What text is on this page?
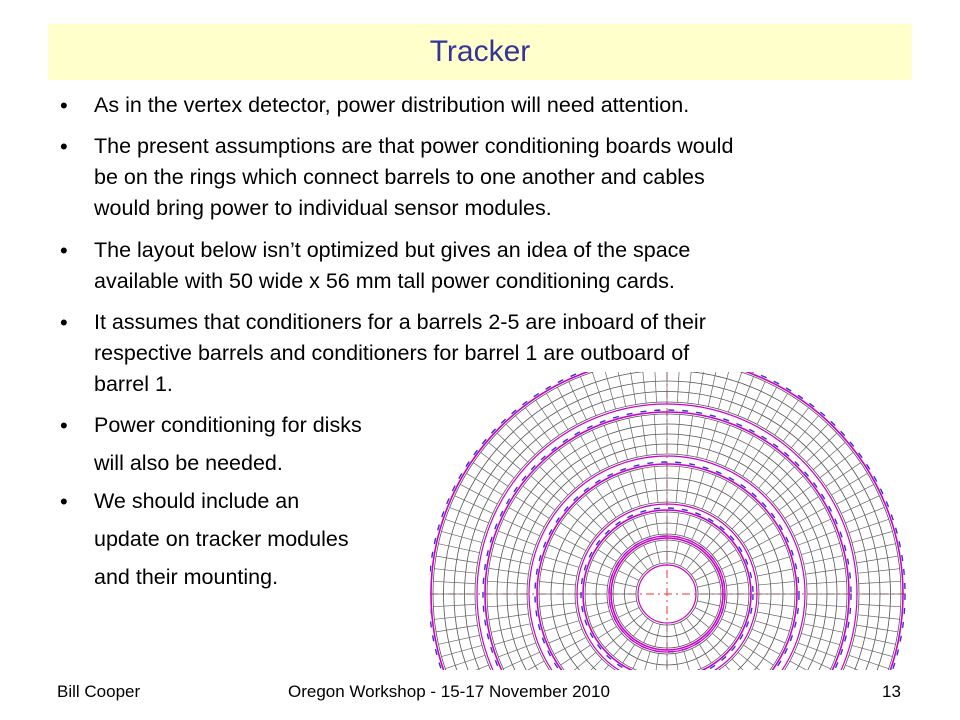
Tracker
• As in the vertex detector, power distribution will need attention.
• The present assumptions are that power conditioning boards would
be on the rings which connect barrels to one another and cables
would bring power to individual sensor modules.
• The layout below isn’t optimized but gives an idea of the space
available with 50 wide x 56 mm tall power conditioning cards.
• It assumes that conditioners for a barrels 2-5 are inboard of their
respective barrels and conditioners for barrel 1 are outboard of
barrel 1.
• Power conditioning for disks
will also be needed.
• We should include an
update on tracker modules
and their mounting.
Bill Cooper	Oregon Workshop - 15-17 November 2010	13
